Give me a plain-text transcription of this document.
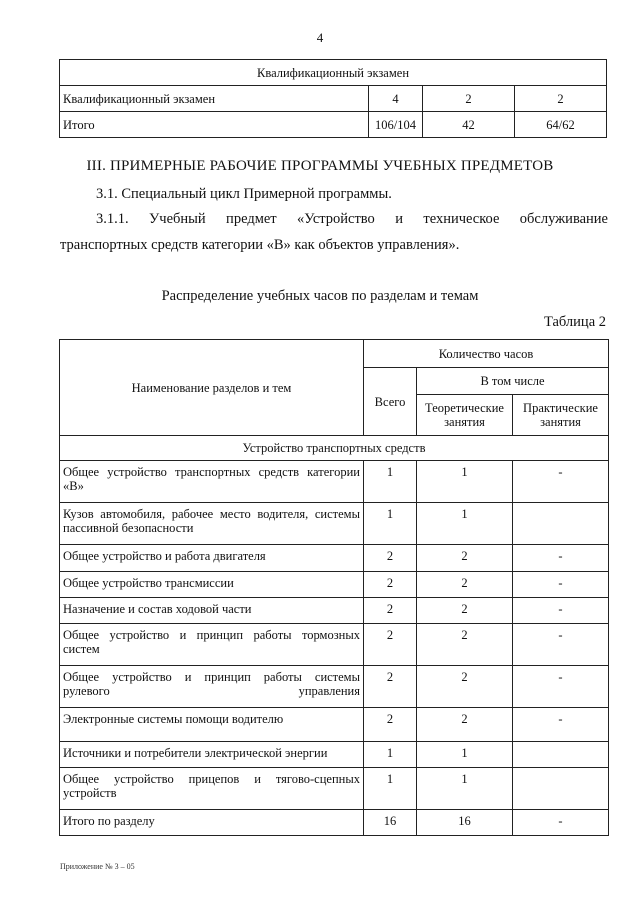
4
Квалификационный экзамен			
Квалификационный экзамен	4	2	2
Итого	106/104	42	64/62
III. ПРИМЕРНЫЕ РАБОЧИЕ ПРОГРАММЫ УЧЕБНЫХ ПРЕДМЕТОВ
3.1. Специальный цикл Примерной программы.
3.1.1. Учебный предмет «Устройство и техническое обслуживание
транспортных средств категории «В» как объектов управления».
Распределение учебных часов по разделам и темам
Таблица 2
Наименование разделов и тем	Количество часов		
	Всего	В том числе	
		Теоретические занятия	Практические занятия
Устройство транспортных средств			
Общее устройство транспортных средств категории «В»	1	1	-
Кузов автомобиля, рабочее место водителя, системы пассивной безопасности	1	1	
Общее устройство и работа двигателя	2	2	-
Общее устройство трансмиссии	2	2	-
Назначение и состав ходовой части	2	2	-
Общее устройство и принцип работы тормозных систем	2	2	-
Общее устройство и принцип работы системы рулевого управления	2	2	-
Электронные системы помощи водителю	2	2	-
Источники и потребители электрической энергии	1	1	
Общее устройство прицепов и тягово-сцепных устройств	1	1	
Итого по разделу	16	16	-
Приложение № 3 – 05
